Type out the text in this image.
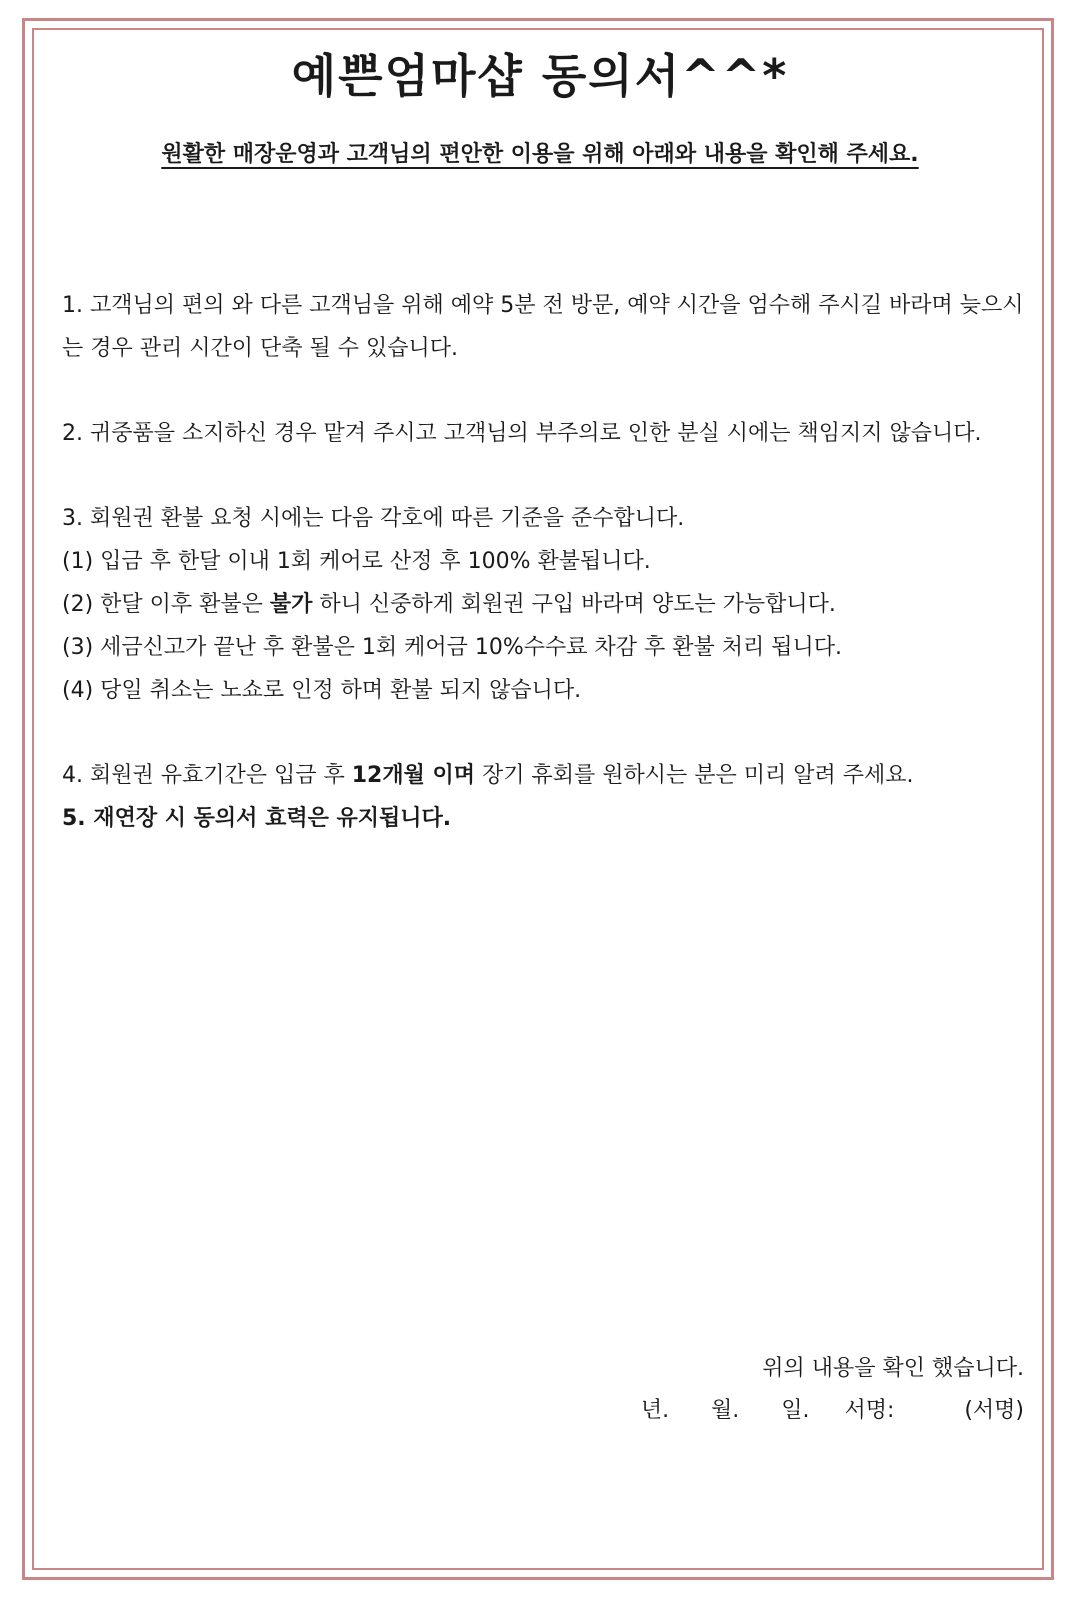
예쁜엄마샵 동의서^^*

원활한 매장운영과 고객님의 편안한 이용을 위해 아래와 내용을 확인해 주세요.

1. 고객님의 편의 와 다른 고객님을 위해 예약 5분 전 방문, 예약 시간을 엄수해 주시길 바라며 늦으시는 경우 관리 시간이 단축 될 수 있습니다.

2. 귀중품을 소지하신 경우 맡겨 주시고 고객님의 부주의로 인한 분실 시에는 책임지지 않습니다.

3. 회원권 환불 요청 시에는 다음 각호에 따른 기준을 준수합니다.

(1) 입금 후 한달 이내 1회 케어로 산정 후 100% 환불됩니다.

(2) 한달 이후 환불은 불가 하니 신중하게 회원권 구입 바라며 양도는 가능합니다.

(3) 세금신고가 끝난 후 환불은 1회 케어금 10%수수료 차감 후 환불 처리 됩니다.

(4) 당일 취소는 노쇼로 인정 하며 환불 되지 않습니다.

4. 회원권 유효기간은 입금 후 12개월 이며 장기 휴회를 원하시는 분은 미리 알려 주세요.

5. 재연장 시 동의서 효력은 유지됩니다.

위의 내용을 확인 했습니다.

년.
월.
일.
서명:
	(서명)
